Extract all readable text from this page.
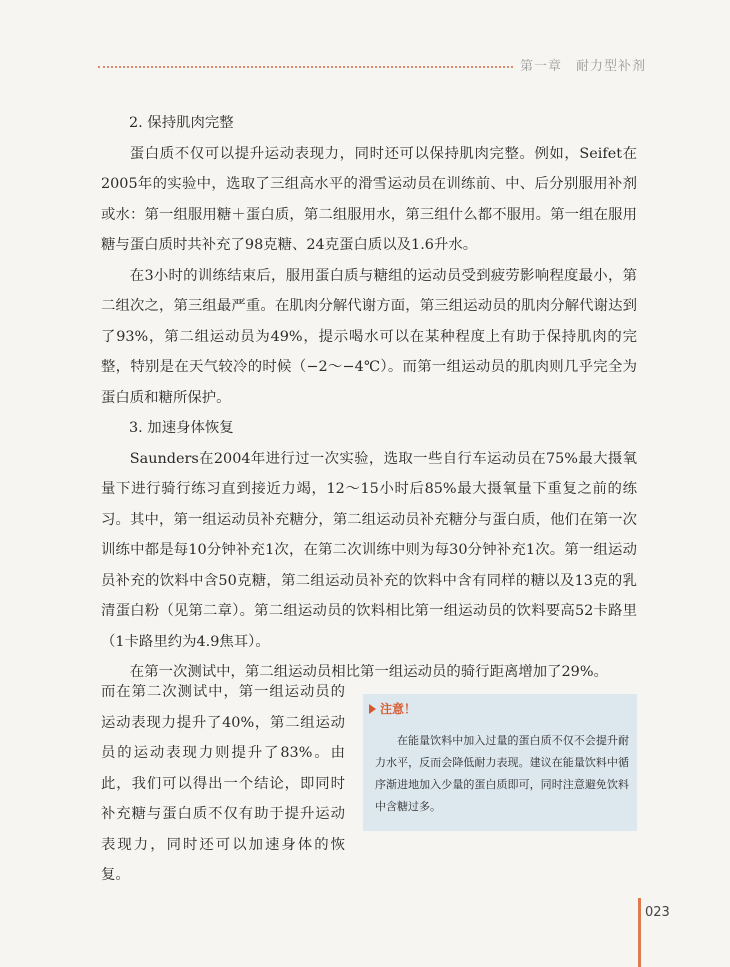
第一章　耐力型补剂

2. 保持肌肉完整

蛋白质不仅可以提升运动表现力，同时还可以保持肌肉完整。例如，Seifet在2005年的实验中，选取了三组高水平的滑雪运动员在训练前、中、后分别服用补剂或水：第一组服用糖＋蛋白质，第二组服用水，第三组什么都不服用。第一组在服用糖与蛋白质时共补充了98克糖、24克蛋白质以及1.6升水。

在3小时的训练结束后，服用蛋白质与糖组的运动员受到疲劳影响程度最小，第二组次之，第三组最严重。在肌肉分解代谢方面，第三组运动员的肌肉分解代谢达到了93%，第二组运动员为49%，提示喝水可以在某种程度上有助于保持肌肉的完整，特别是在天气较冷的时候（−2～−4℃）。而第一组运动员的肌肉则几乎完全为蛋白质和糖所保护。

3. 加速身体恢复

Saunders在2004年进行过一次实验，选取一些自行车运动员在75%最大摄氧量下进行骑行练习直到接近力竭，12～15小时后85%最大摄氧量下重复之前的练习。其中，第一组运动员补充糖分，第二组运动员补充糖分与蛋白质，他们在第一次训练中都是每10分钟补充1次，在第二次训练中则为每30分钟补充1次。第一组运动员补充的饮料中含50克糖，第二组运动员补充的饮料中含有同样的糖以及13克的乳清蛋白粉（见第二章）。第二组运动员的饮料相比第一组运动员的饮料要高52卡路里（1卡路里约为4.9焦耳）。

在第一次测试中，第二组运动员相比第一组运动员的骑行距离增加了29%。

而在第二次测试中，第一组运动员的运动表现力提升了40%，第二组运动员的运动表现力则提升了83%。由此，我们可以得出一个结论，即同时补充糖与蛋白质不仅有助于提升运动表现力，同时还可以加速身体的恢复。

注意！

在能量饮料中加入过量的蛋白质不仅不会提升耐力水平，反而会降低耐力表现。建议在能量饮料中循序渐进地加入少量的蛋白质即可，同时注意避免饮料中含糖过多。

023
